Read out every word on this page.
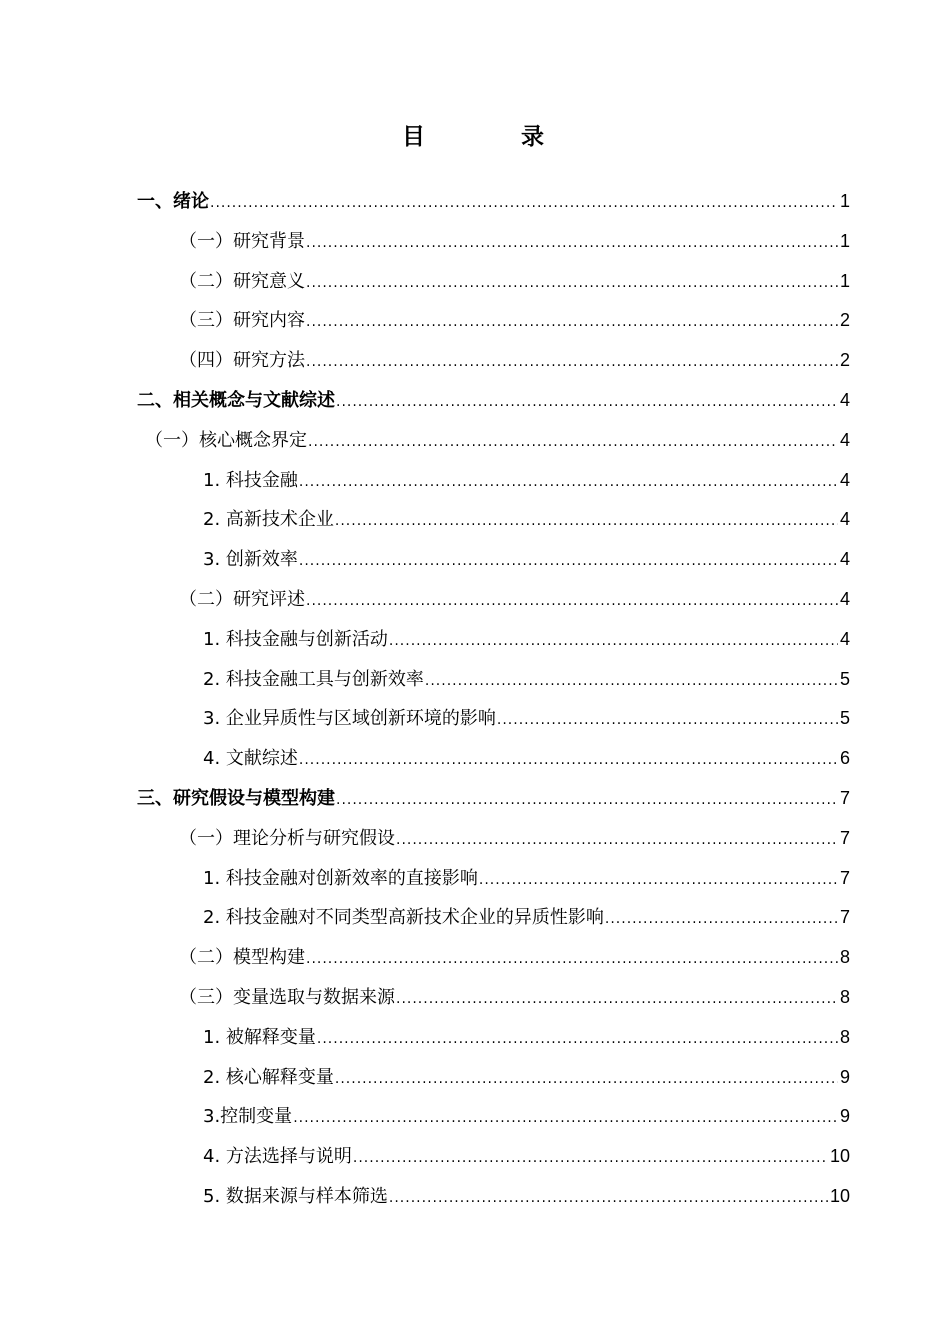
目 录
一、绪论 .....	1
（一）研究背景 .....	1
（二）研究意义 .....	1
（三）研究内容 .....	2
（四）研究方法 .....	2
二、相关概念与文献综述 .....	4
（一）核心概念界定 .....	4
1. 科技金融 .....	4
2. 高新技术企业 .....	4
3. 创新效率 .....	4
（二）研究评述 .....	4
1. 科技金融与创新活动 .....	4
2. 科技金融工具与创新效率 .....	5
3. 企业异质性与区域创新环境的影响 .....	5
4. 文献综述 .....	6
三、研究假设与模型构建 .....	7
（一）理论分析与研究假设 .....	7
1. 科技金融对创新效率的直接影响 .....	7
2. 科技金融对不同类型高新技术企业的异质性影响 .....	7
（二）模型构建 .....	8
（三）变量选取与数据来源 .....	8
1. 被解释变量 .....	8
2. 核心解释变量 .....	9
3.控制变量 .....	9
4. 方法选择与说明 .....	10
5. 数据来源与样本筛选 .....	10
